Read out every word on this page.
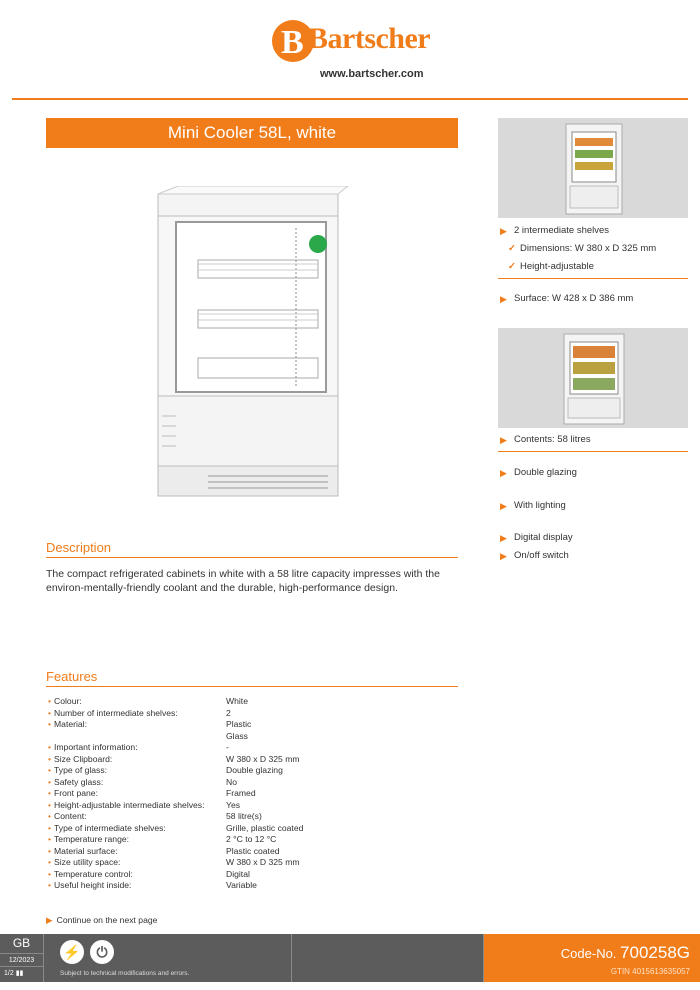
B Bartscher
www.bartscher.com
Mini Cooler 58L, white
Description
The compact refrigerated cabinets in white with a 58 litre capacity impresses with the environ-mentally-friendly coolant and the durable, high-performance design.
Features
• Colour:	White
• Number of intermediate shelves:	2
• Material:	Plastic
Glass
• Important information:	-
• Size Clipboard:	W 380 x D 325 mm
• Type of glass:	Double glazing
• Safety glass:	No
• Front pane:	Framed
• Height-adjustable intermediate shelves:	Yes
• Content:	58 litre(s)
• Type of intermediate shelves:	Grille, plastic coated
• Temperature range:	2 °C to 12 °C
• Material surface:	Plastic coated
• Size utility space:	W 380 x D 325 mm
• Temperature control:	Digital
• Useful height inside:	Variable
▶ Continue on the next page
▶ 2 intermediate shelves
✓ Dimensions: W 380 x D 325 mm
✓ Height-adjustable
▶ Surface: W 428 x D 386 mm
▶ Contents: 58 litres
▶ Double glazing
▶ With lighting
▶ Digital display
▶ On/off switch
GB
12/2023
1/2 ▮▮
⚡	⏻
Subject to technical modifications and errors.
Code-No. 700258G
GTIN 4015613635057
